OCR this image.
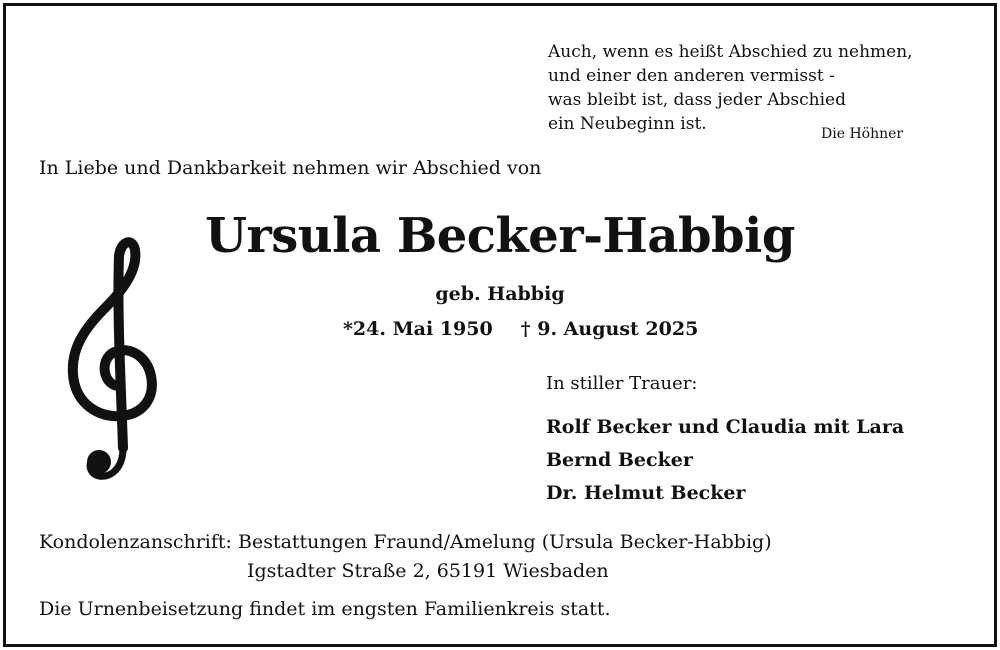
Auch, wenn es heißt Abschied zu nehmen,
und einer den anderen vermisst -
was bleibt ist, dass jeder Abschied
ein Neubeginn ist.	Die Höhner
In Liebe und Dankbarkeit nehmen wir Abschied von
Ursula Becker-Habbig
geb. Habbig
*24. Mai 1950 † 9. August 2025
In stiller Trauer:
Rolf Becker und Claudia mit Lara
Bernd Becker
Dr. Helmut Becker
Kondolenzanschrift: Bestattungen Fraund/Amelung (Ursula Becker-Habbig)
Igstadter Straße 2, 65191 Wiesbaden
Die Urnenbeisetzung findet im engsten Familienkreis statt.
